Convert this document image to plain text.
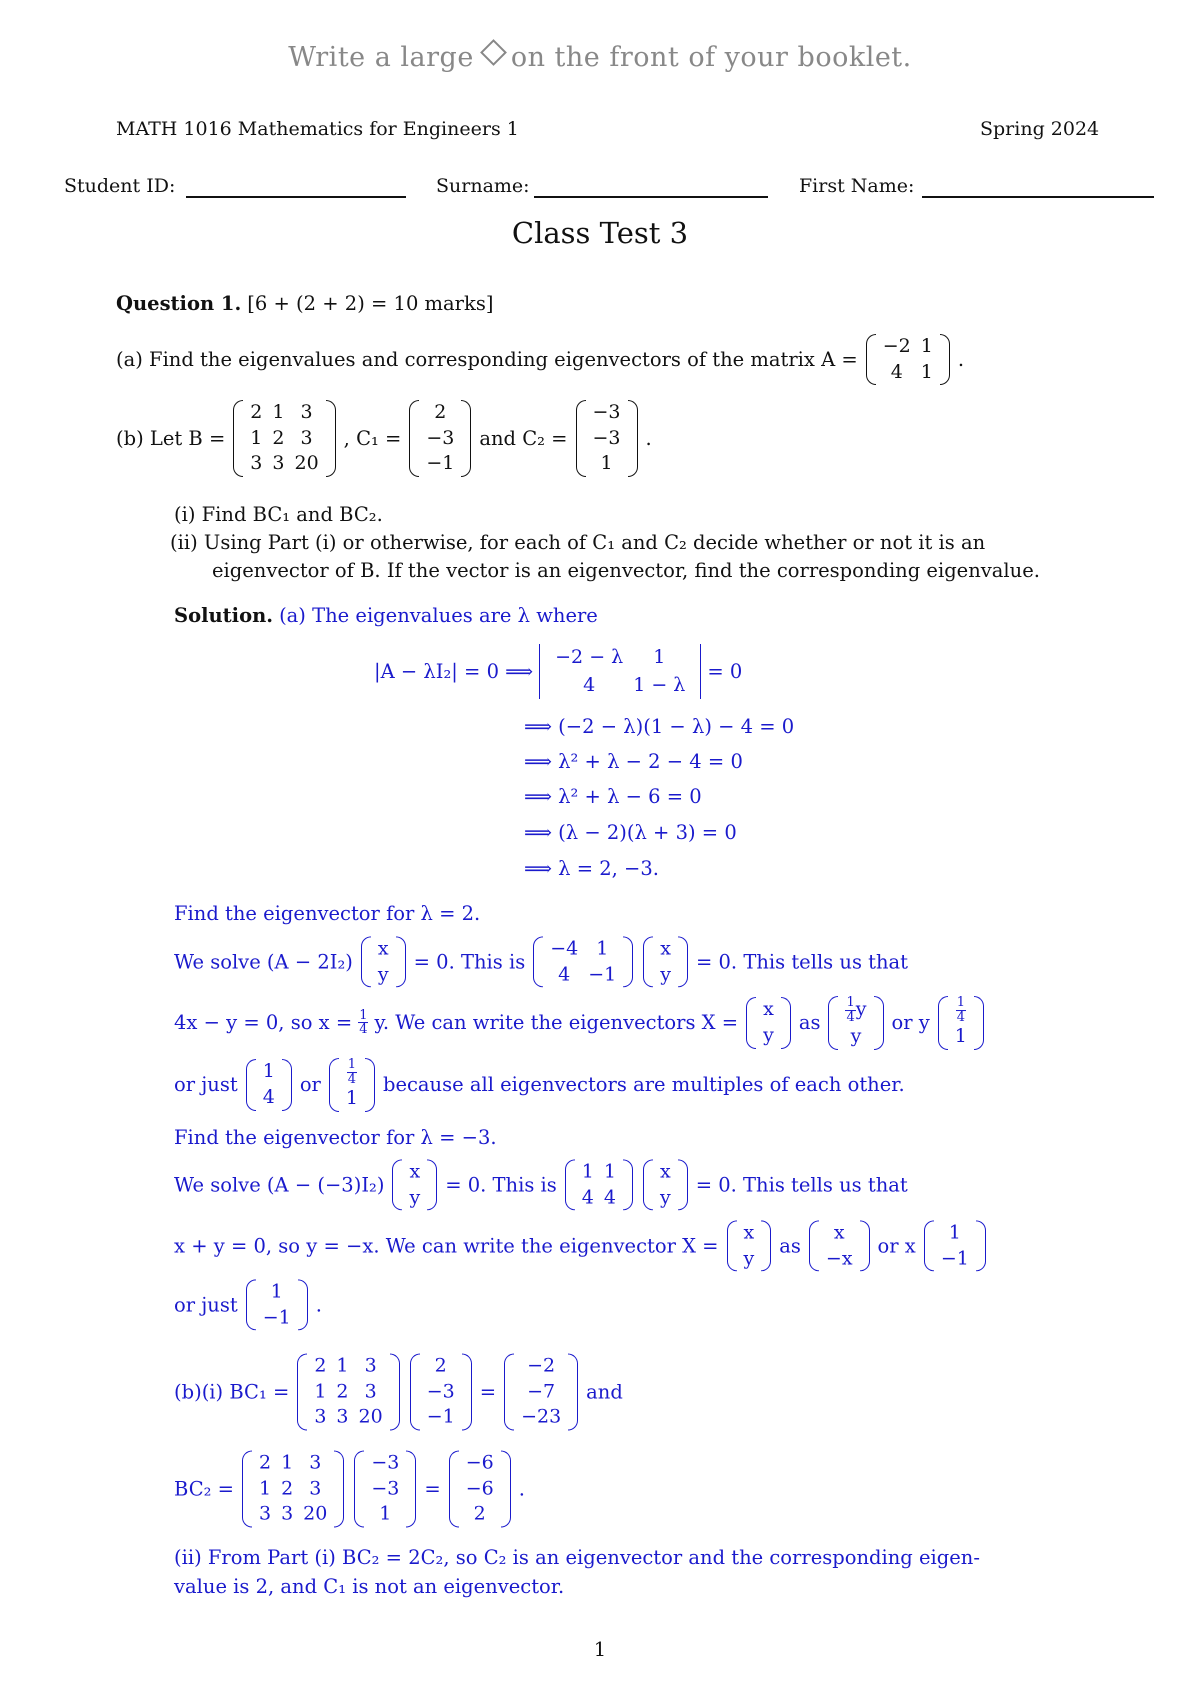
Write a large on the front of your booklet.
MATH 1016 Mathematics for Engineers 1	Spring 2024
Student ID:	Surname:	First Name:
Class Test 3
Question 1. [6 + (2 + 2) = 10 marks]
(a) Find the eigenvalues and corresponding eigenvectors of the matrix A =
−2 1
4 1
.
(b) Let B =
2 1 3
1 2 3
3 3 20
, C₁ =
2
−3
−1
and C₂ =
−3
−3
1
.
(i) Find BC₁ and BC₂.
(ii) Using Part (i) or otherwise, for each of C₁ and C₂ decide whether or not it is an
eigenvector of B. If the vector is an eigenvector, find the corresponding eigenvalue.
Solution. (a) The eigenvalues are λ where
|A − λI₂| = 0 ⟹
−2 − λ	1
4	1 − λ
= 0
⟹ (−2 − λ)(1 − λ) − 4 = 0
⟹ λ² + λ − 2 − 4 = 0
⟹ λ² + λ − 6 = 0
⟹ (λ − 2)(λ + 3) = 0
⟹ λ = 2, −3.
Find the eigenvector for λ = 2.
We solve (A − 2I₂)
x
y
= 0. This is
−4 1
4 −1
x
y
= 0. This tells us that
4x − y = 0, so $x = \frac{1}{4} y$. We can write the eigenvectors X =
x
y
as $\frac{1}{4}$ y
y
or y $\frac{1}{4}$
1
or just
1
4
or $\frac{1}{4}$
1
because all eigenvectors are multiples of each other.
Find the eigenvector for λ = −3.
We solve (A − (−3)I₂)
x
y
= 0. This is
1 1
4 4
x
y
= 0. This tells us that
x + y = 0, so y = −x. We can write the eigenvector X =
x
y
as
x
−x
or x
1
−1
or just
1
−1
.
(b)(i) BC₁ =
2 1 3
1 2 3
3 3 20
2
−3
−1
=
−2
−7
−23
and
BC₂ =
2 1 3
1 2 3
3 3 20
−3
−3
1
=
−6
−6
2
.
(ii) From Part (i) BC₂ = 2C₂, so C₂ is an eigenvector and the corresponding eigen-
value is 2, and C₁ is not an eigenvector.
1
